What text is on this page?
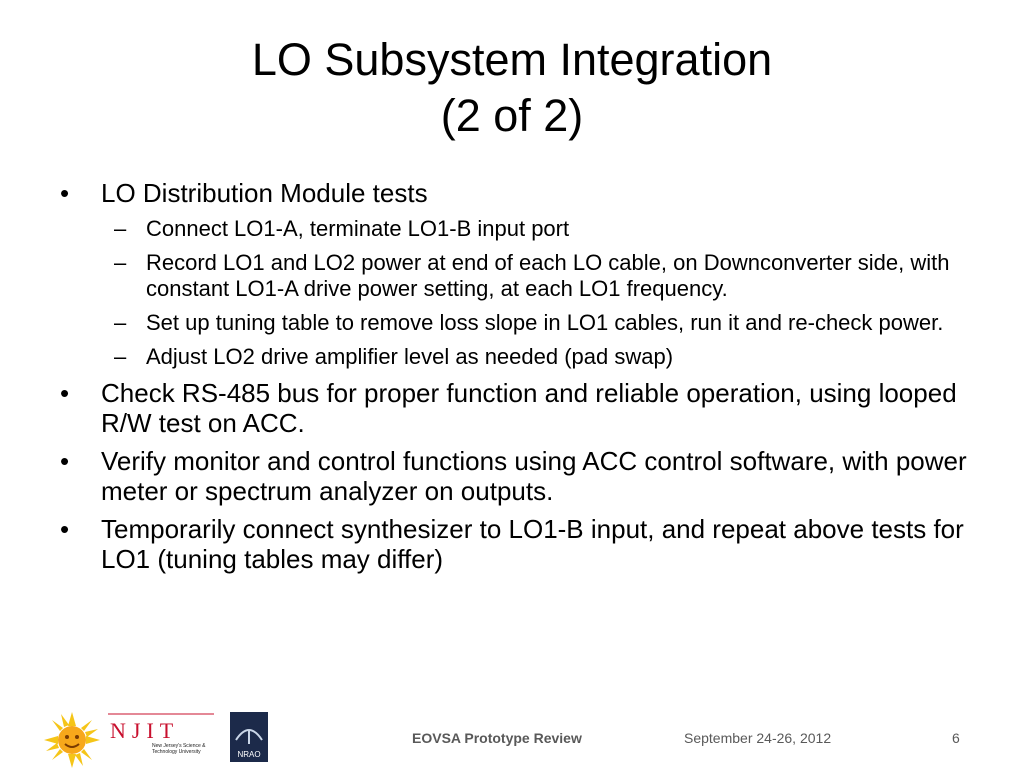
LO Subsystem Integration
(2 of 2)
•	LO Distribution Module tests
– Connect LO1-A, terminate LO1-B input port
– Record LO1 and LO2 power at end of each LO cable, on Downconverter side, with constant LO1-A drive power setting, at each LO1 frequency.
– Set up tuning table to remove loss slope in LO1 cables, run it and re-check power.
– Adjust LO2 drive amplifier level as needed (pad swap)
•	Check RS-485 bus for proper function and reliable operation, using looped R/W test on ACC.
•	Verify monitor and control functions using ACC control software, with power meter or spectrum analyzer on outputs.
•	Temporarily connect synthesizer to LO1-B input, and repeat above tests for LO1 (tuning tables may differ)
NJIT
New Jersey's Science &
Technology University	NRAO
EOVSA Prototype Review	September 24-26, 2012	6
